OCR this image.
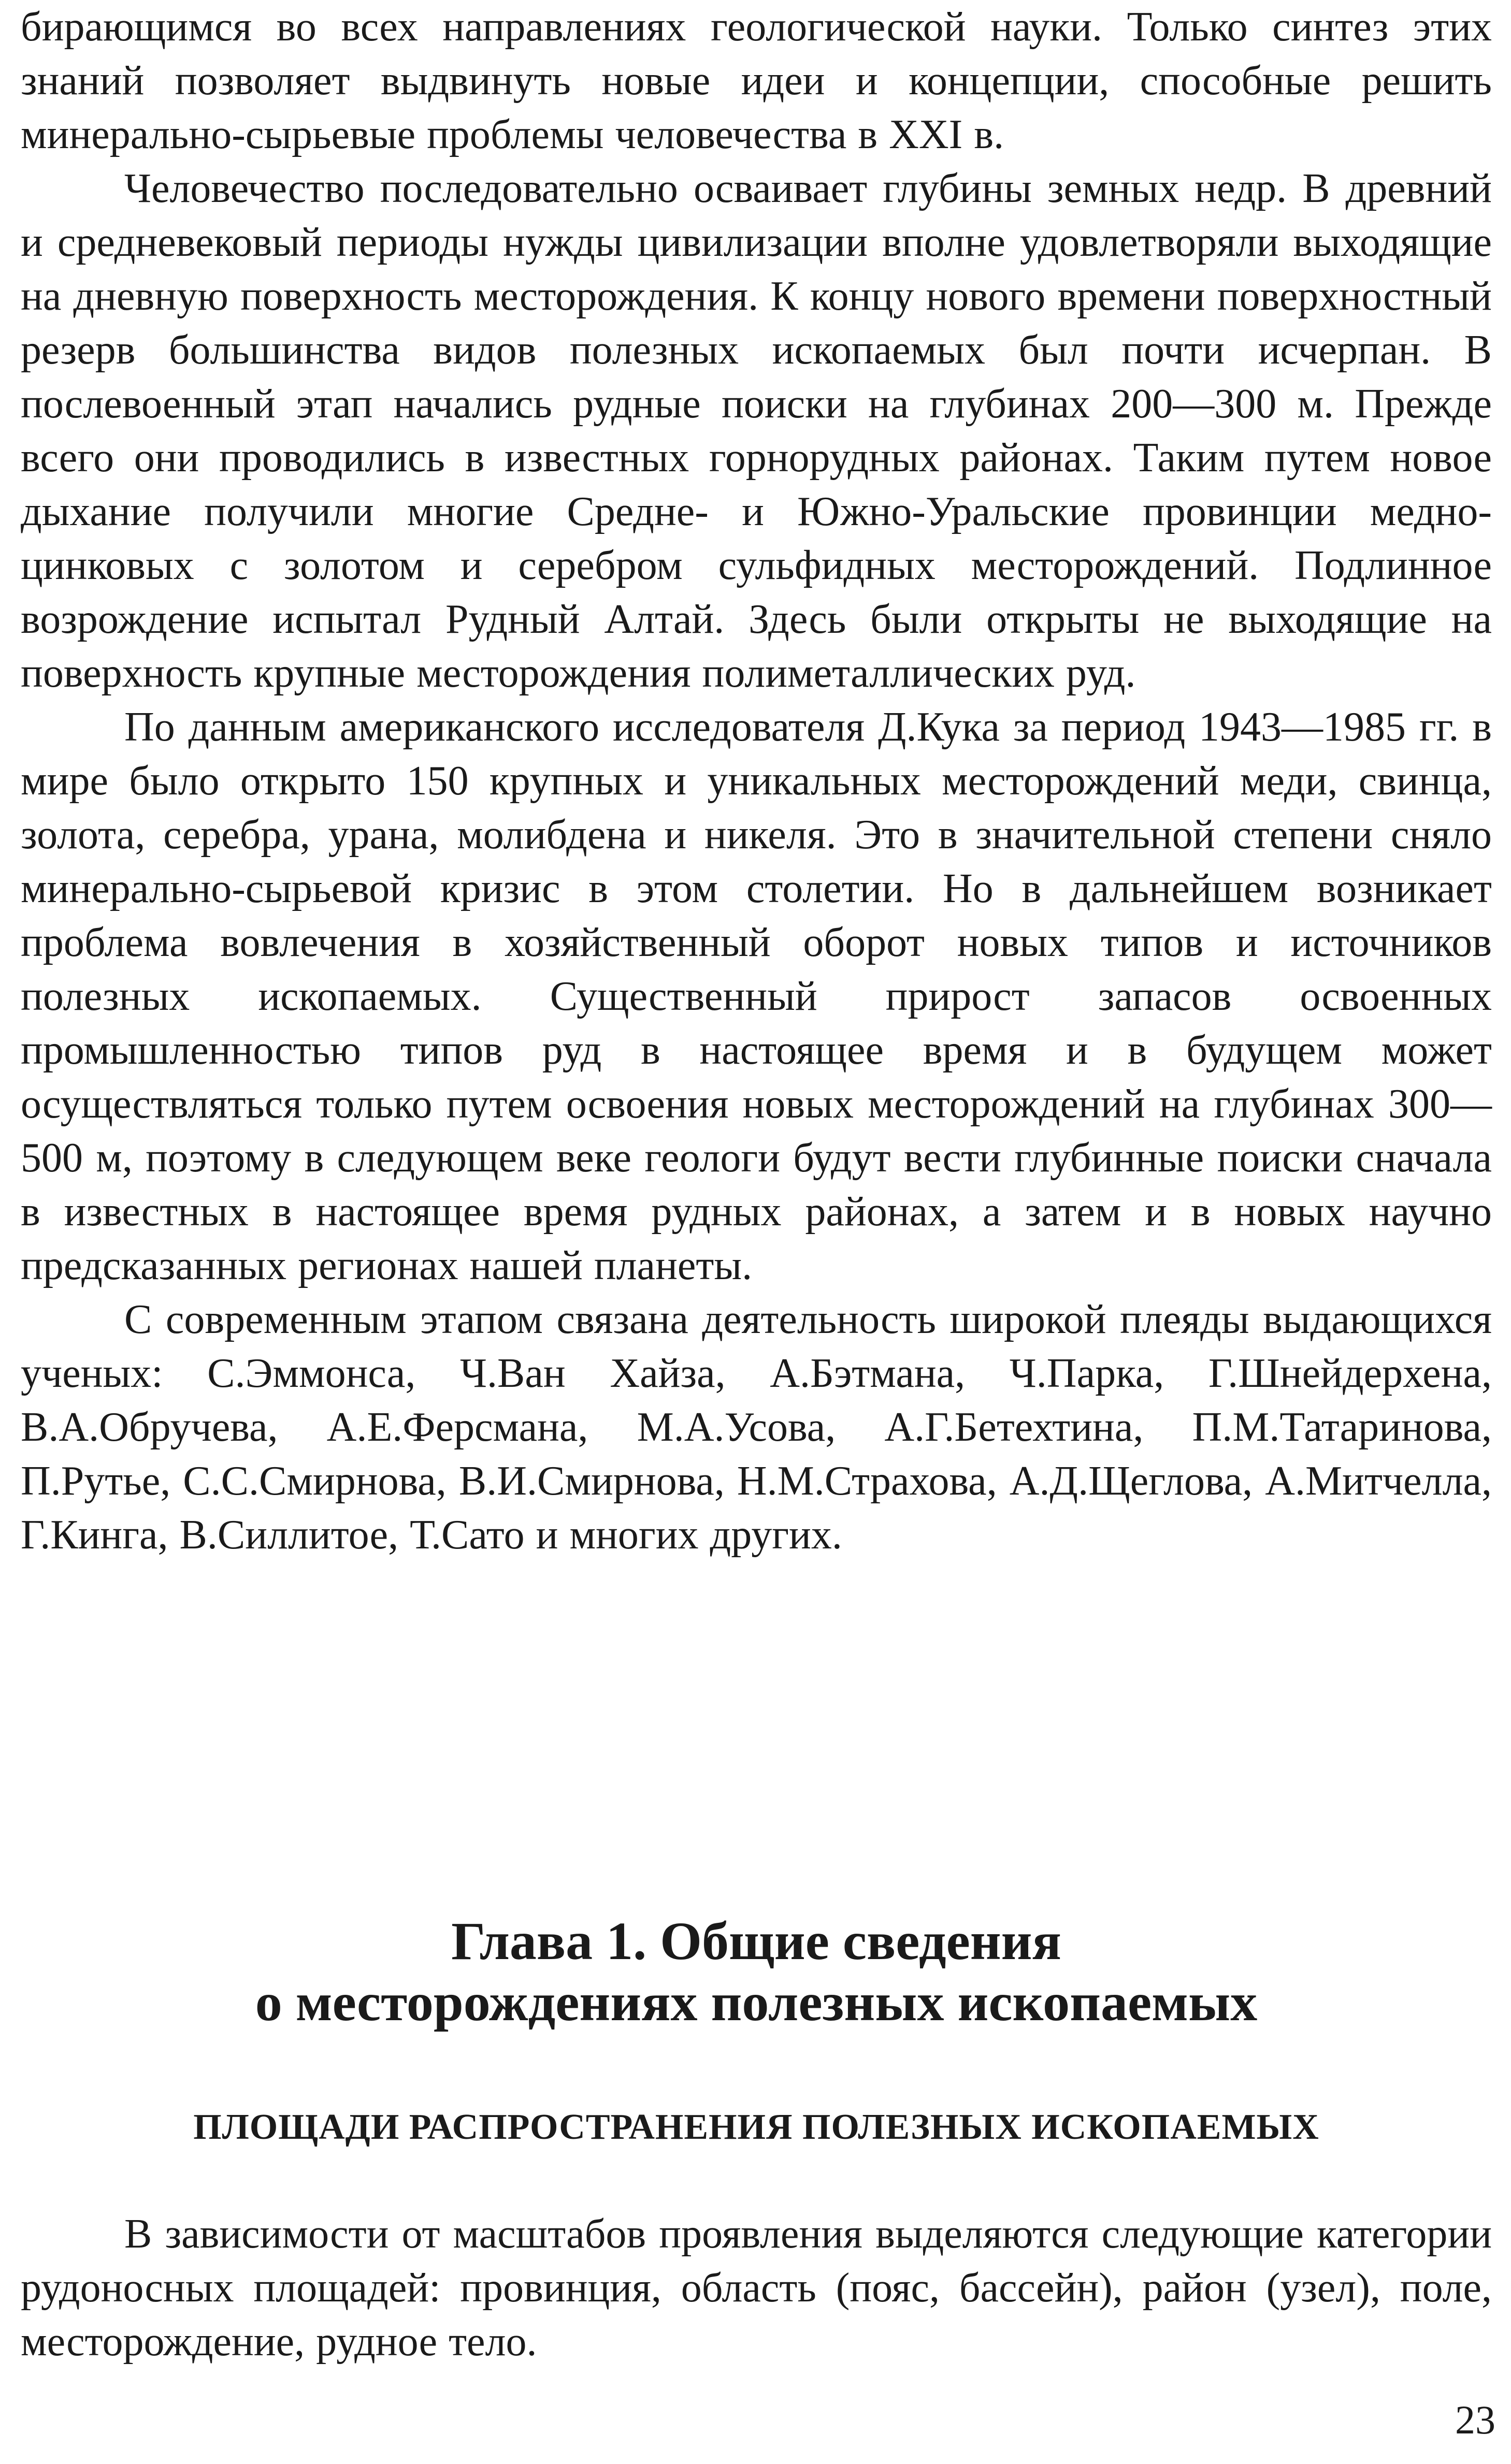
бирающимся во всех направлениях геологической науки. Только синтез этих знаний позволяет выдвинуть новые идеи и концепции, способные решить минерально-сырьевые проблемы человечества в XXI в.

Человечество последовательно осваивает глубины земных недр. В древний и средневековый периоды нужды цивилизации вполне удовлетворяли выходящие на дневную поверхность месторождения. К концу нового времени поверхностный резерв большинства видов полезных ископаемых был почти исчерпан. В послевоенный этап начались рудные поиски на глубинах 200—300 м. Прежде всего они проводились в известных горнорудных районах. Таким путем новое дыхание получили многие Средне- и Южно-Уральские провинции медно-цинковых с золотом и серебром сульфидных месторождений. Подлинное возрождение испытал Рудный Алтай. Здесь были открыты не выходящие на поверхность крупные месторождения полиметаллических руд.

По данным американского исследователя Д.Кука за период 1943—1985 гг. в мире было открыто 150 крупных и уникальных месторождений меди, свинца, золота, серебра, урана, молибдена и никеля. Это в значительной степени сняло минерально-сырьевой кризис в этом столетии. Но в дальнейшем возникает проблема вовлечения в хозяйственный оборот новых типов и источников полезных ископаемых. Существенный прирост запасов освоенных промышленностью типов руд в настоящее время и в будущем может осуществляться только путем освоения новых месторождений на глубинах 300—500 м, поэтому в следующем веке геологи будут вести глубинные поиски сначала в известных в настоящее время рудных районах, а затем и в новых научно предсказанных регионах нашей планеты.

С современным этапом связана деятельность широкой плеяды выдающихся ученых: С.Эммонса, Ч.Ван Хайза, А.Бэтмана, Ч.Парка, Г.Шнейдерхена, В.А.Обручева, А.Е.Ферсмана, М.А.Усова, А.Г.Бетехтина, П.М.Татаринова, П.Рутье, С.С.Смирнова, В.И.Смирнова, Н.М.Страхова, А.Д.Щеглова, А.Митчелла, Г.Кинга, В.Силлитое, Т.Сато и многих других.

Глава 1. Общие сведения
о месторождениях полезных ископаемых
ПЛОЩАДИ РАСПРОСТРАНЕНИЯ ПОЛЕЗНЫХ ИСКОПАЕМЫХ

В зависимости от масштабов проявления выделяются следующие категории рудоносных площадей: провинция, область (пояс, бассейн), район (узел), поле, месторождение, рудное тело.

23
